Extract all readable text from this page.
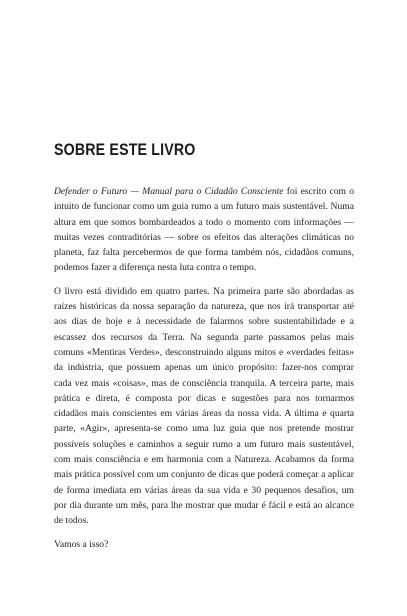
SOBRE ESTE LIVRO

Defender o Futuro — Manual para o Cidadão Consciente foi escrito com o intuito de funcionar como um guia rumo a um futuro mais sustentável. Numa altura em que somos bombardeados a todo o momento com informações — muitas vezes contraditórias — sobre os efeitos das alterações climáticas no planeta, faz falta percebermos de que forma também nós, cidadãos comuns, podemos fazer a diferença nesta luta contra o tempo.

O livro está dividido em quatro partes. Na primeira parte são abordadas as raízes históricas da nossa separação da natureza, que nos irá transportar até aos dias de hoje e à necessidade de falarmos sobre sustentabilidade e a escassez dos recursos da Terra. Na segunda parte passamos pelas mais comuns «Mentiras Verdes», desconstruindo alguns mitos e «verdades feitas» da indústria, que possuem apenas um único propósito: fazer-nos comprar cada vez mais «coisas», mas de consciência tranquila. A terceira parte, mais prática e direta, é composta por dicas e sugestões para nos tornarmos cidadãos mais conscientes em várias áreas da nossa vida. A última e quarta parte, «Agir», apresenta-se como uma luz guia que nos pretende mostrar possíveis soluções e caminhos a seguir rumo a um futuro mais sustentável, com mais consciência e em harmonia com a Natureza. Acabamos da forma mais prática possível com um conjunto de dicas que poderá começar a aplicar de forma imediata em várias áreas da sua vida e 30 pequenos desafios, um por dia durante um mês, para lhe mostrar que mudar é fácil e está ao alcance de todos.

Vamos a isso?
